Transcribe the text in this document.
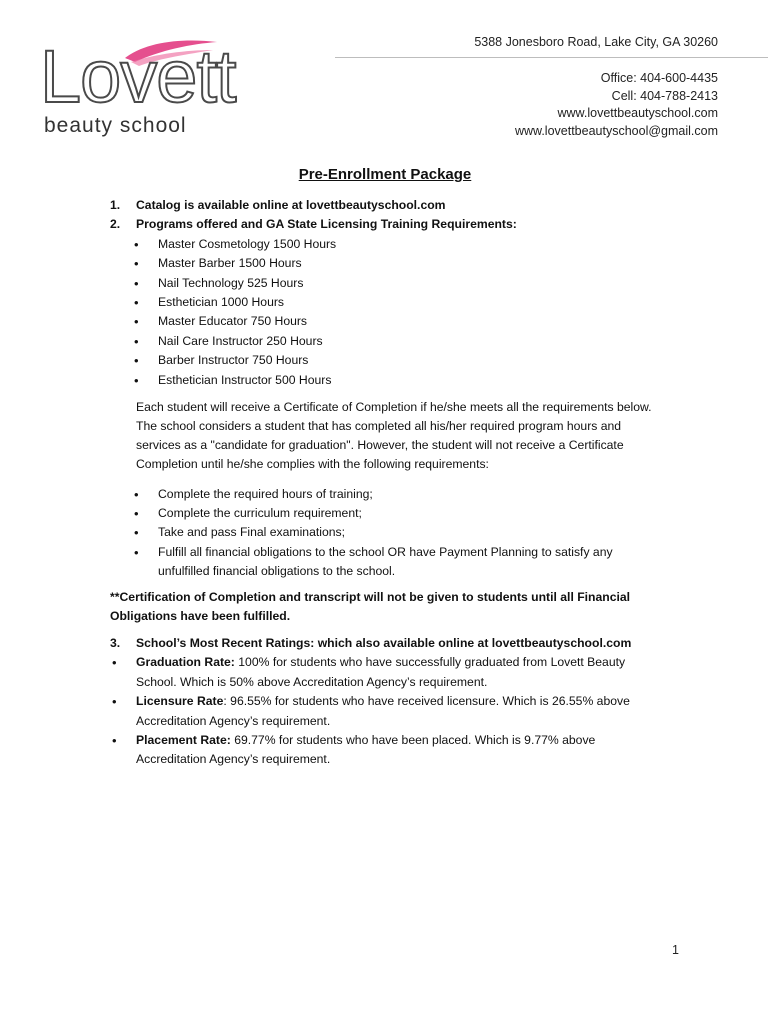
Lovett
beauty school
5388 Jonesboro Road, Lake City, GA 30260
Office: 404-600-4435
Cell: 404-788-2413
www.lovettbeautyschool.com
www.lovettbeautyschool@gmail.com
Pre-Enrollment Package
1. Catalog is available online at lovettbeautyschool.com
2. Programs offered and GA State Licensing Training Requirements:
• Master Cosmetology 1500 Hours
• Master Barber 1500 Hours
• Nail Technology 525 Hours
• Esthetician 1000 Hours
• Master Educator 750 Hours
• Nail Care Instructor 250 Hours
• Barber Instructor 750 Hours
• Esthetician Instructor 500 Hours
Each student will receive a Certificate of Completion if he/she meets all the requirements below.
The school considers a student that has completed all his/her required program hours and
services as a "candidate for graduation". However, the student will not receive a Certificate
Completion until he/she complies with the following requirements:
• Complete the required hours of training;
• Complete the curriculum requirement;
• Take and pass Final examinations;
• Fulfill all financial obligations to the school OR have Payment Planning to satisfy any
unfulfilled financial obligations to the school.
**Certification of Completion and transcript will not be given to students until all Financial
Obligations have been fulfilled.
3. School’s Most Recent Ratings: which also available online at lovettbeautyschool.com
• Graduation Rate: 100% for students who have successfully graduated from Lovett Beauty
School. Which is 50% above Accreditation Agency’s requirement.
• Licensure Rate: 96.55% for students who have received licensure. Which is 26.55% above
Accreditation Agency’s requirement.
• Placement Rate: 69.77% for students who have been placed. Which is 9.77% above
Accreditation Agency’s requirement.
1
